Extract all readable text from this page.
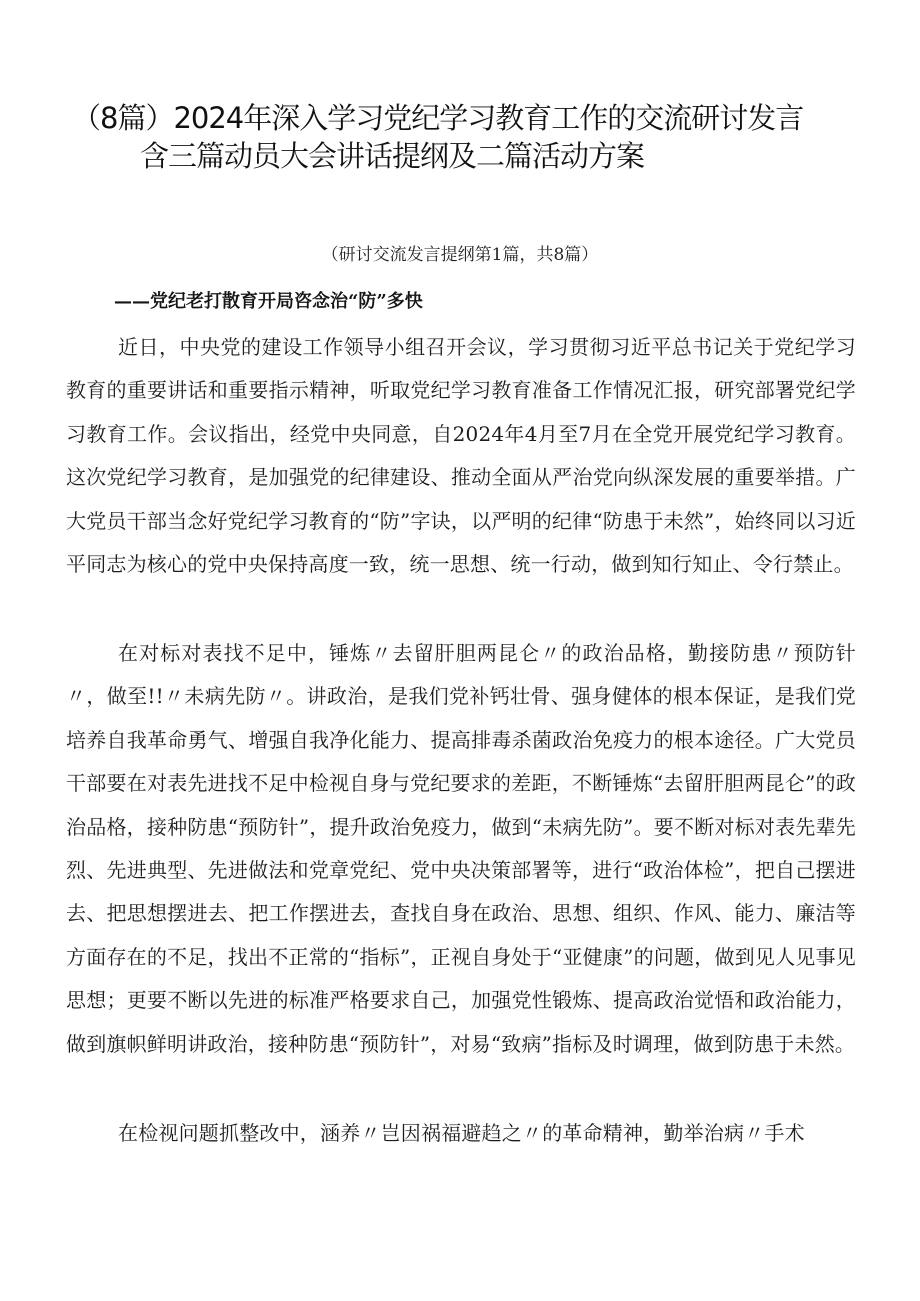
（8篇）2024年深入学习党纪学习教育工作的交流研讨发言
含三篇动员大会讲话提纲及二篇活动方案

（研讨交流发言提纲第1篇，共8篇）

——党纪老打散育开局咨念治“防”多快

近日，中央党的建设工作领导小组召开会议，学习贯彻习近平总书记关于党纪学习教育的重要讲话和重要指示精神，听取党纪学习教育准备工作情况汇报，研究部署党纪学习教育工作。会议指出，经党中央同意，自2024年4月至7月在全党开展党纪学习教育。这次党纪学习教育，是加强党的纪律建设、推动全面从严治党向纵深发展的重要举措。广大党员干部当念好党纪学习教育的“防”字诀，以严明的纪律“防患于未然”，始终同以习近平同志为核心的党中央保持高度一致，统一思想、统一行动，做到知行知止、令行禁止。

在对标对表找不足中，锤炼〃去留肝胆两昆仑〃的政治品格，勤接防患〃预防针〃，做至!!〃未病先防〃。讲政治，是我们党补钙壮骨、强身健体的根本保证，是我们党培养自我革命勇气、增强自我净化能力、提高排毒杀菌政治免疫力的根本途径。广大党员干部要在对表先进找不足中检视自身与党纪要求的差距，不断锤炼“去留肝胆两昆仑”的政治品格，接种防患“预防针”，提升政治免疫力，做到“未病先防”。要不断对标对表先辈先烈、先进典型、先进做法和党章党纪、党中央决策部署等，进行“政治体检”，把自己摆进去、把思想摆进去、把工作摆进去，查找自身在政治、思想、组织、作风、能力、廉洁等方面存在的不足，找出不正常的“指标”，正视自身处于“亚健康”的问题，做到见人见事见思想；更要不断以先进的标准严格要求自己，加强党性锻炼、提高政治觉悟和政治能力，做到旗帜鲜明讲政治，接种防患“预防针”，对易“致病”指标及时调理，做到防患于未然。

在检视问题抓整改中，涵养〃岂因祸福避趋之〃的革命精神，勤举治病〃手术
